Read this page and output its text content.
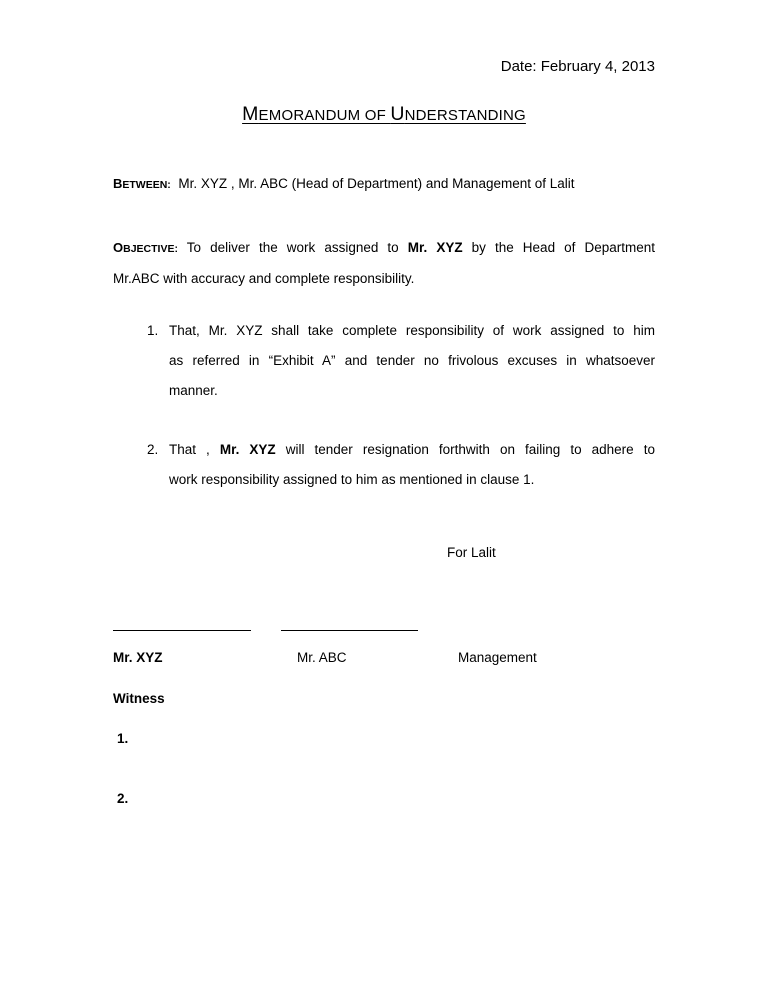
Date: February 4, 2013
MEMORANDUM OF UNDERSTANDING
BETWEEN: Mr. XYZ , Mr. ABC (Head of Department) and Management of Lalit
OBJECTIVE: To deliver the work assigned to Mr. XYZ by the Head of Department
Mr.ABC with accuracy and complete responsibility.
1. That, Mr. XYZ shall take complete responsibility of work assigned to him
as referred in “Exhibit A” and tender no frivolous excuses in whatsoever
manner.
2. That , Mr. XYZ will tender resignation forthwith on failing to adhere to
work responsibility assigned to him as mentioned in clause 1.
For Lalit
Mr. XYZ	Mr. ABC	Management
Witness
1.
2.
